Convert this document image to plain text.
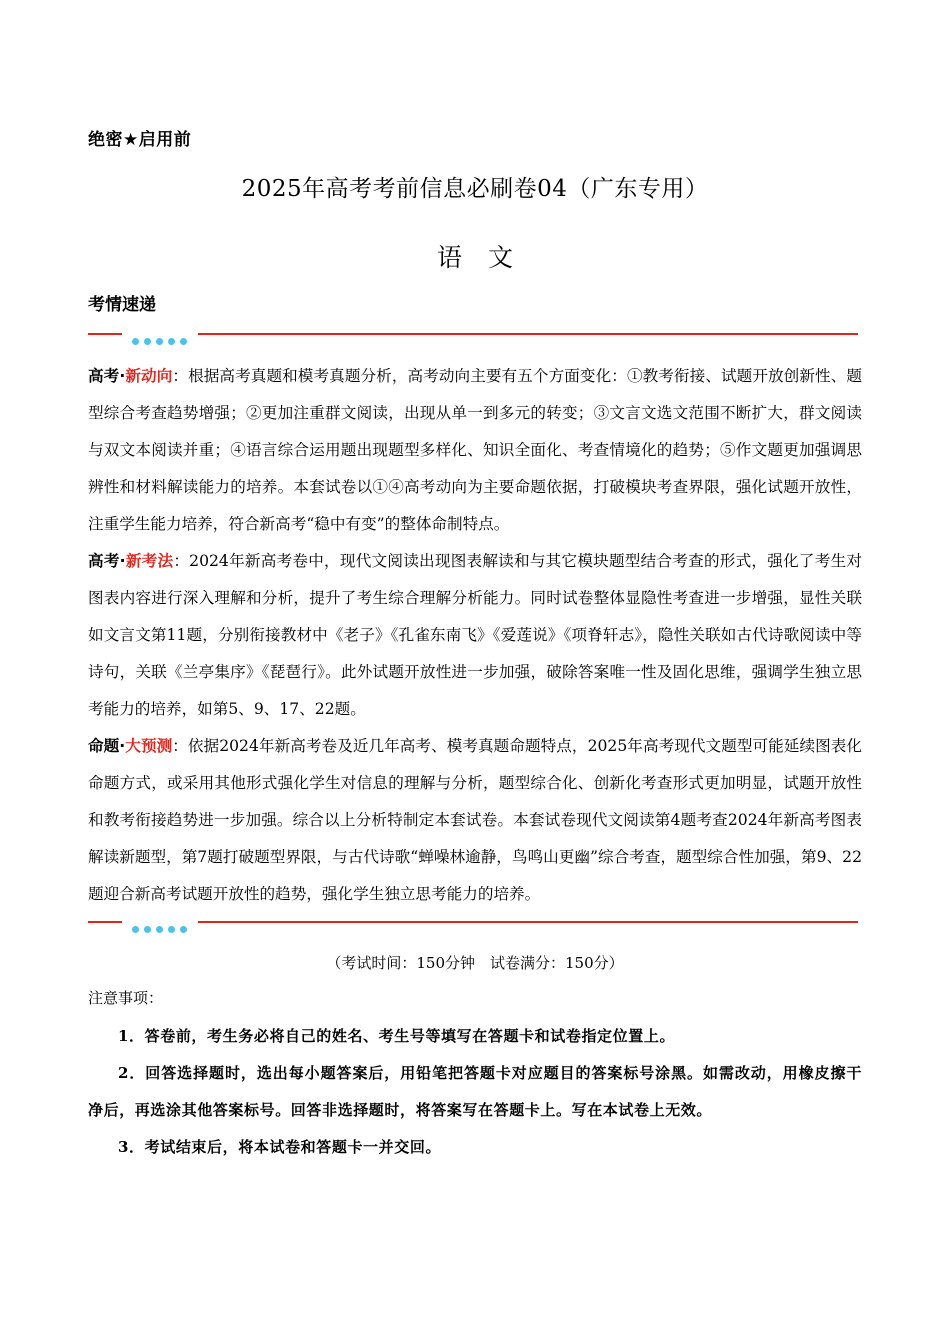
绝密★启用前
2025年高考考前信息必刷卷04（广东专用）
语文
考情速递

高考·新动向：根据高考真题和模考真题分析，高考动向主要有五个方面变化：①教考衔接、试题开放创新性、题型综合考查趋势增强；②更加注重群文阅读，出现从单一到多元的转变；③文言文选文范围不断扩大，群文阅读与双文本阅读并重；④语言综合运用题出现题型多样化、知识全面化、考查情境化的趋势；⑤作文题更加强调思辨性和材料解读能力的培养。本套试卷以①④高考动向为主要命题依据，打破模块考查界限，强化试题开放性，注重学生能力培养，符合新高考“稳中有变”的整体命制特点。

高考·新考法：2024年新高考卷中，现代文阅读出现图表解读和与其它模块题型结合考查的形式，强化了考生对图表内容进行深入理解和分析，提升了考生综合理解分析能力。同时试卷整体显隐性考查进一步增强，显性关联如文言文第11题，分别衔接教材中《老子》《孔雀东南飞》《爱莲说》《项脊轩志》，隐性关联如古代诗歌阅读中等诗句，关联《兰亭集序》《琵琶行》。此外试题开放性进一步加强，破除答案唯一性及固化思维，强调学生独立思考能力的培养，如第5、9、17、22题。

命题·大预测：依据2024年新高考卷及近几年高考、模考真题命题特点，2025年高考现代文题型可能延续图表化命题方式，或采用其他形式强化学生对信息的理解与分析，题型综合化、创新化考查形式更加明显，试题开放性和教考衔接趋势进一步加强。综合以上分析特制定本套试卷。本套试卷现代文阅读第4题考查2024年新高考图表解读新题型，第7题打破题型界限，与古代诗歌“蝉噪林逾静，鸟鸣山更幽”综合考查，题型综合性加强，第9、22题迎合新高考试题开放性的趋势，强化学生独立思考能力的培养。

（考试时间：150分钟　试卷满分：150分）
注意事项：

1．答卷前，考生务必将自己的姓名、考生号等填写在答题卡和试卷指定位置上。

2．回答选择题时，选出每小题答案后，用铅笔把答题卡对应题目的答案标号涂黑。如需改动，用橡皮擦干净后，再选涂其他答案标号。回答非选择题时，将答案写在答题卡上。写在本试卷上无效。

3．考试结束后，将本试卷和答题卡一并交回。
